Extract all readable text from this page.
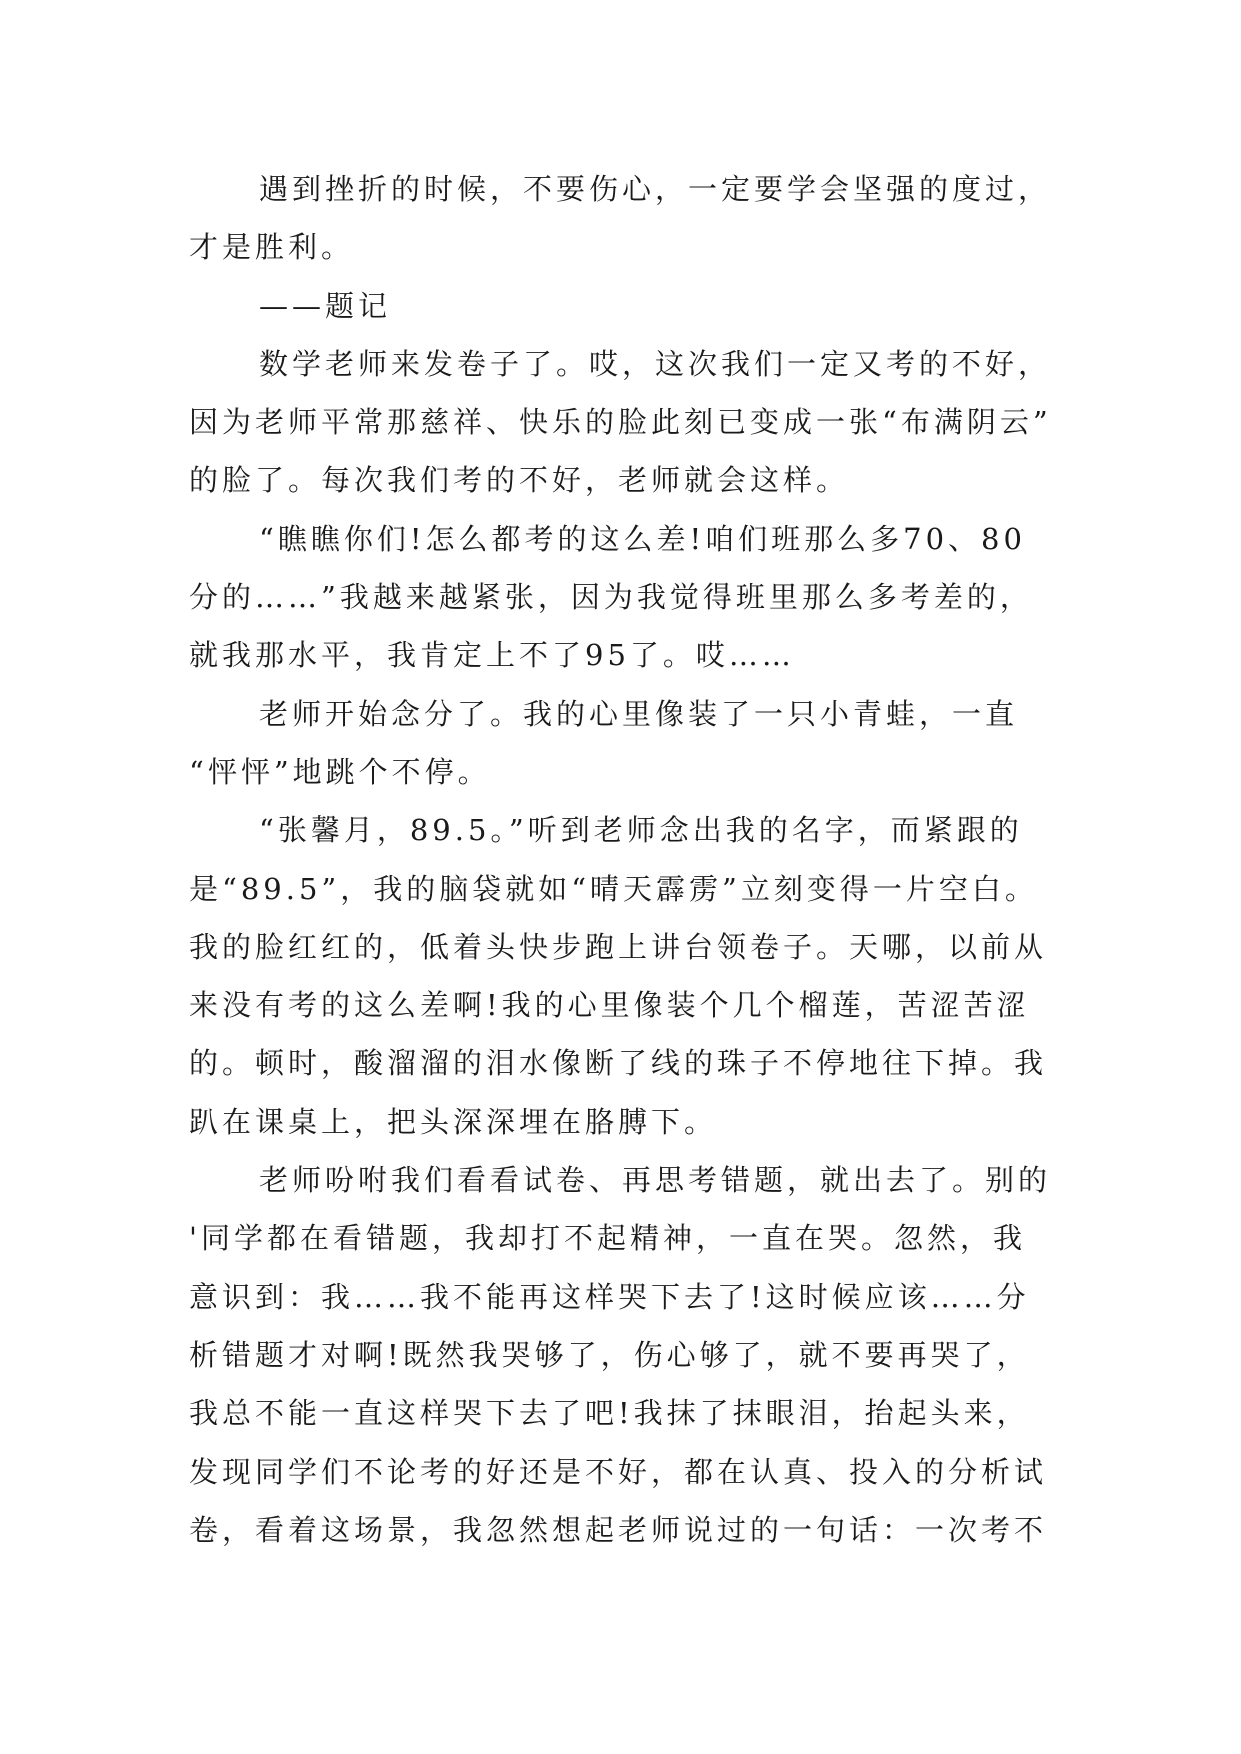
遇到挫折的时候，不要伤心，一定要学会坚强的度过，
才是胜利。
——题记
数学老师来发卷子了。哎，这次我们一定又考的不好，
因为老师平常那慈祥、快乐的脸此刻已变成一张“布满阴云”
的脸了。每次我们考的不好，老师就会这样。
“瞧瞧你们!怎么都考的这么差!咱们班那么多70、80
分的……”我越来越紧张，因为我觉得班里那么多考差的，
就我那水平，我肯定上不了95了。哎……
老师开始念分了。我的心里像装了一只小青蛙，一直
“怦怦”地跳个不停。
“张馨月，89.5。”听到老师念出我的名字，而紧跟的
是“89.5”，我的脑袋就如“晴天霹雳”立刻变得一片空白。
我的脸红红的，低着头快步跑上讲台领卷子。天哪，以前从
来没有考的这么差啊!我的心里像装个几个榴莲，苦涩苦涩
的。顿时，酸溜溜的泪水像断了线的珠子不停地往下掉。我
趴在课桌上，把头深深埋在胳膊下。
老师吩咐我们看看试卷、再思考错题，就出去了。别的
'同学都在看错题，我却打不起精神，一直在哭。忽然，我
意识到：我……我不能再这样哭下去了!这时候应该……分
析错题才对啊!既然我哭够了，伤心够了，就不要再哭了，
我总不能一直这样哭下去了吧!我抹了抹眼泪，抬起头来，
发现同学们不论考的好还是不好，都在认真、投入的分析试
卷，看着这场景，我忽然想起老师说过的一句话：一次考不
